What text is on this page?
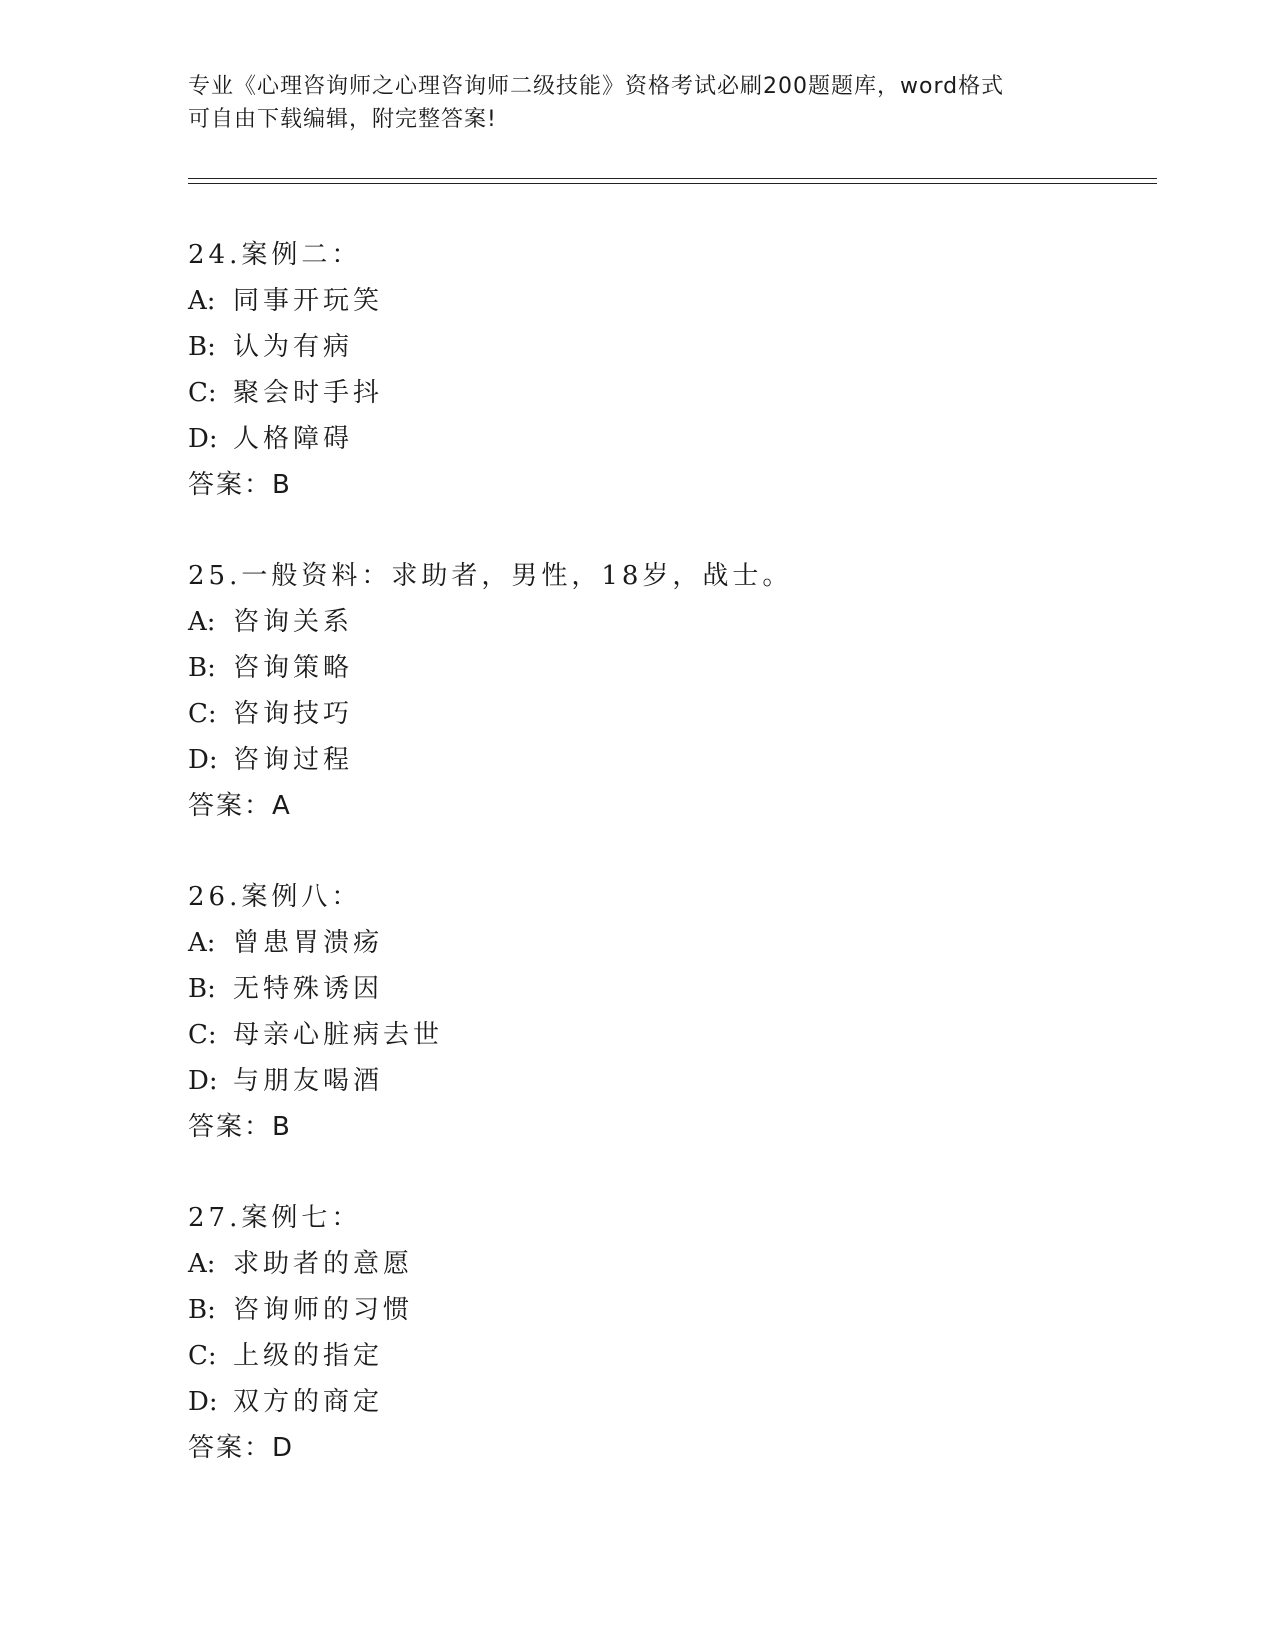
专业《心理咨询师之心理咨询师二级技能》资格考试必刷200题题库，word格式
可自由下载编辑，附完整答案!
24.案例二：
A: 同事开玩笑
B: 认为有病
C: 聚会时手抖
D: 人格障碍
答案：B
25.一般资料：求助者，男性，18岁，战士。
A: 咨询关系
B: 咨询策略
C: 咨询技巧
D: 咨询过程
答案：A
26.案例八：
A: 曾患胃溃疡
B: 无特殊诱因
C: 母亲心脏病去世
D: 与朋友喝酒
答案：B
27.案例七：
A: 求助者的意愿
B: 咨询师的习惯
C: 上级的指定
D: 双方的商定
答案：D
